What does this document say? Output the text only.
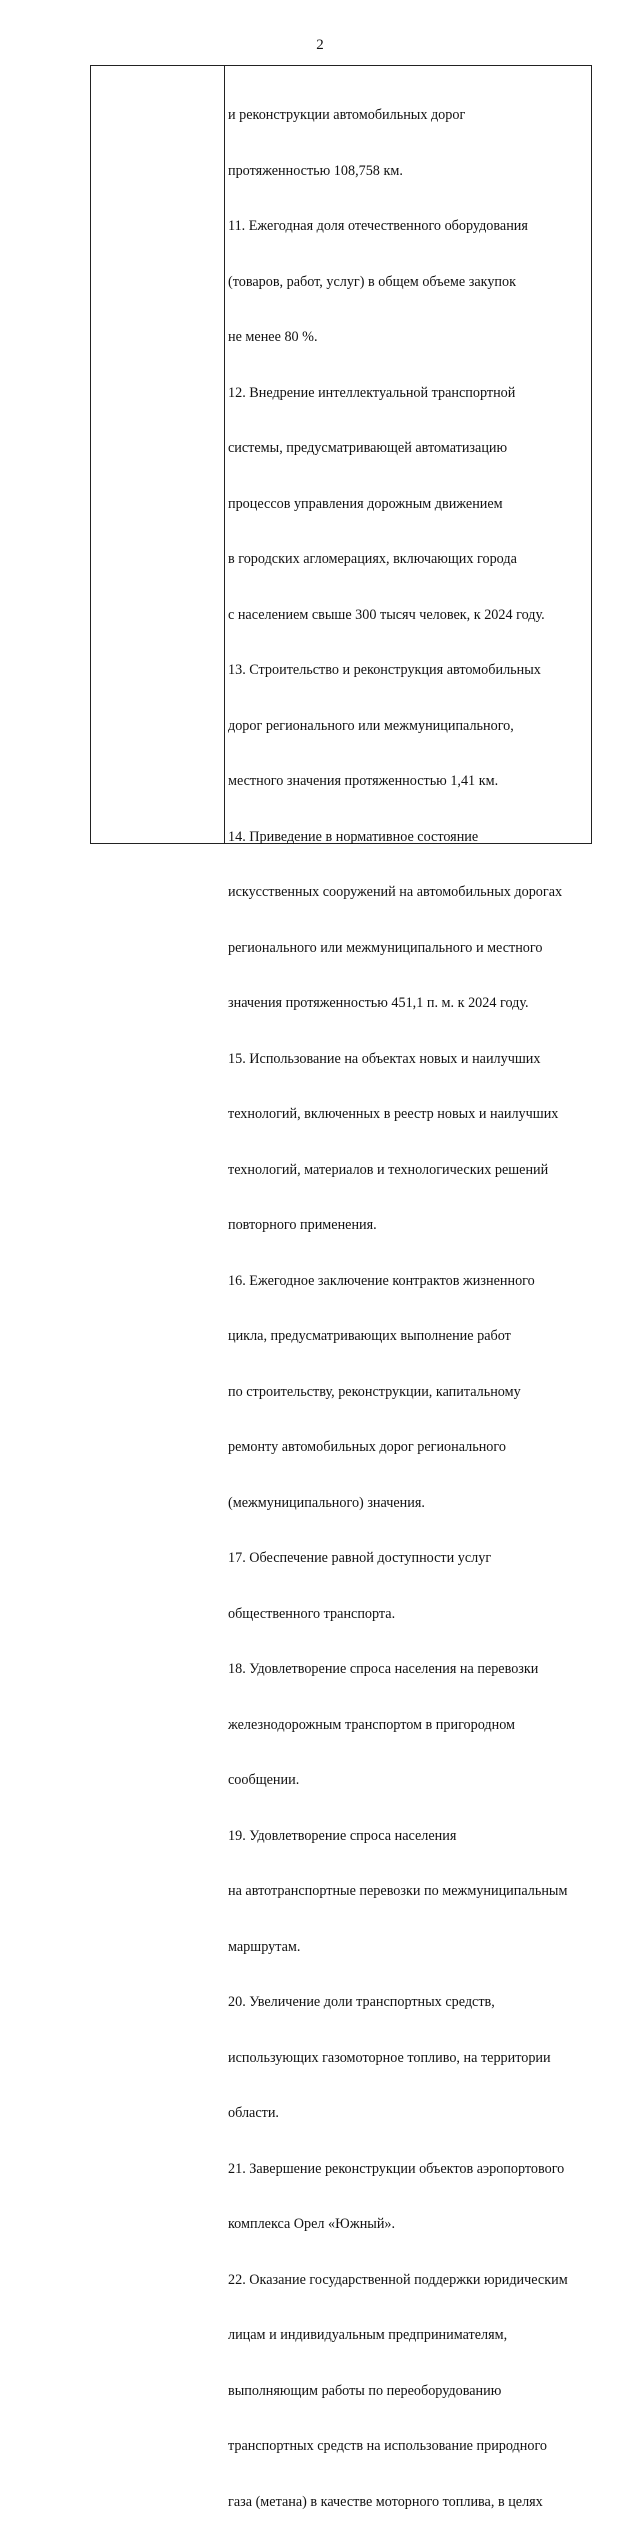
2

и реконструкции автомобильных дорог

протяженностью 108,758 км.

11. Ежегодная доля отечественного оборудования

(товаров, работ, услуг) в общем объеме закупок

не менее 80 %.

12. Внедрение интеллектуальной транспортной

системы, предусматривающей автоматизацию

процессов управления дорожным движением

в городских агломерациях, включающих города

с населением свыше 300 тысяч человек, к 2024 году.

13. Строительство и реконструкция автомобильных

дорог регионального или межмуниципального,

местного значения протяженностью 1,41 км.

14. Приведение в нормативное состояние

искусственных сооружений на автомобильных дорогах

регионального или межмуниципального и местного

значения протяженностью 451,1 п. м. к 2024 году.

15. Использование на объектах новых и наилучших

технологий, включенных в реестр новых и наилучших

технологий, материалов и технологических решений

повторного применения.

16. Ежегодное заключение контрактов жизненного

цикла, предусматривающих выполнение работ

по строительству, реконструкции, капитальному

ремонту автомобильных дорог регионального

(межмуниципального) значения.

17. Обеспечение равной доступности услуг

общественного транспорта.

18. Удовлетворение спроса населения на перевозки

железнодорожным транспортом в пригородном

сообщении.

19. Удовлетворение спроса населения

на автотранспортные перевозки по межмуниципальным

маршрутам.

20. Увеличение доли транспортных средств,

использующих газомоторное топливо, на территории

области.

21. Завершение реконструкции объектов аэропортового

комплекса Орел «Южный».

22. Оказание государственной поддержки юридическим

лицам и индивидуальным предпринимателям,

выполняющим работы по переоборудованию

транспортных средств на использование природного

газа (метана) в качестве моторного топлива, в целях
